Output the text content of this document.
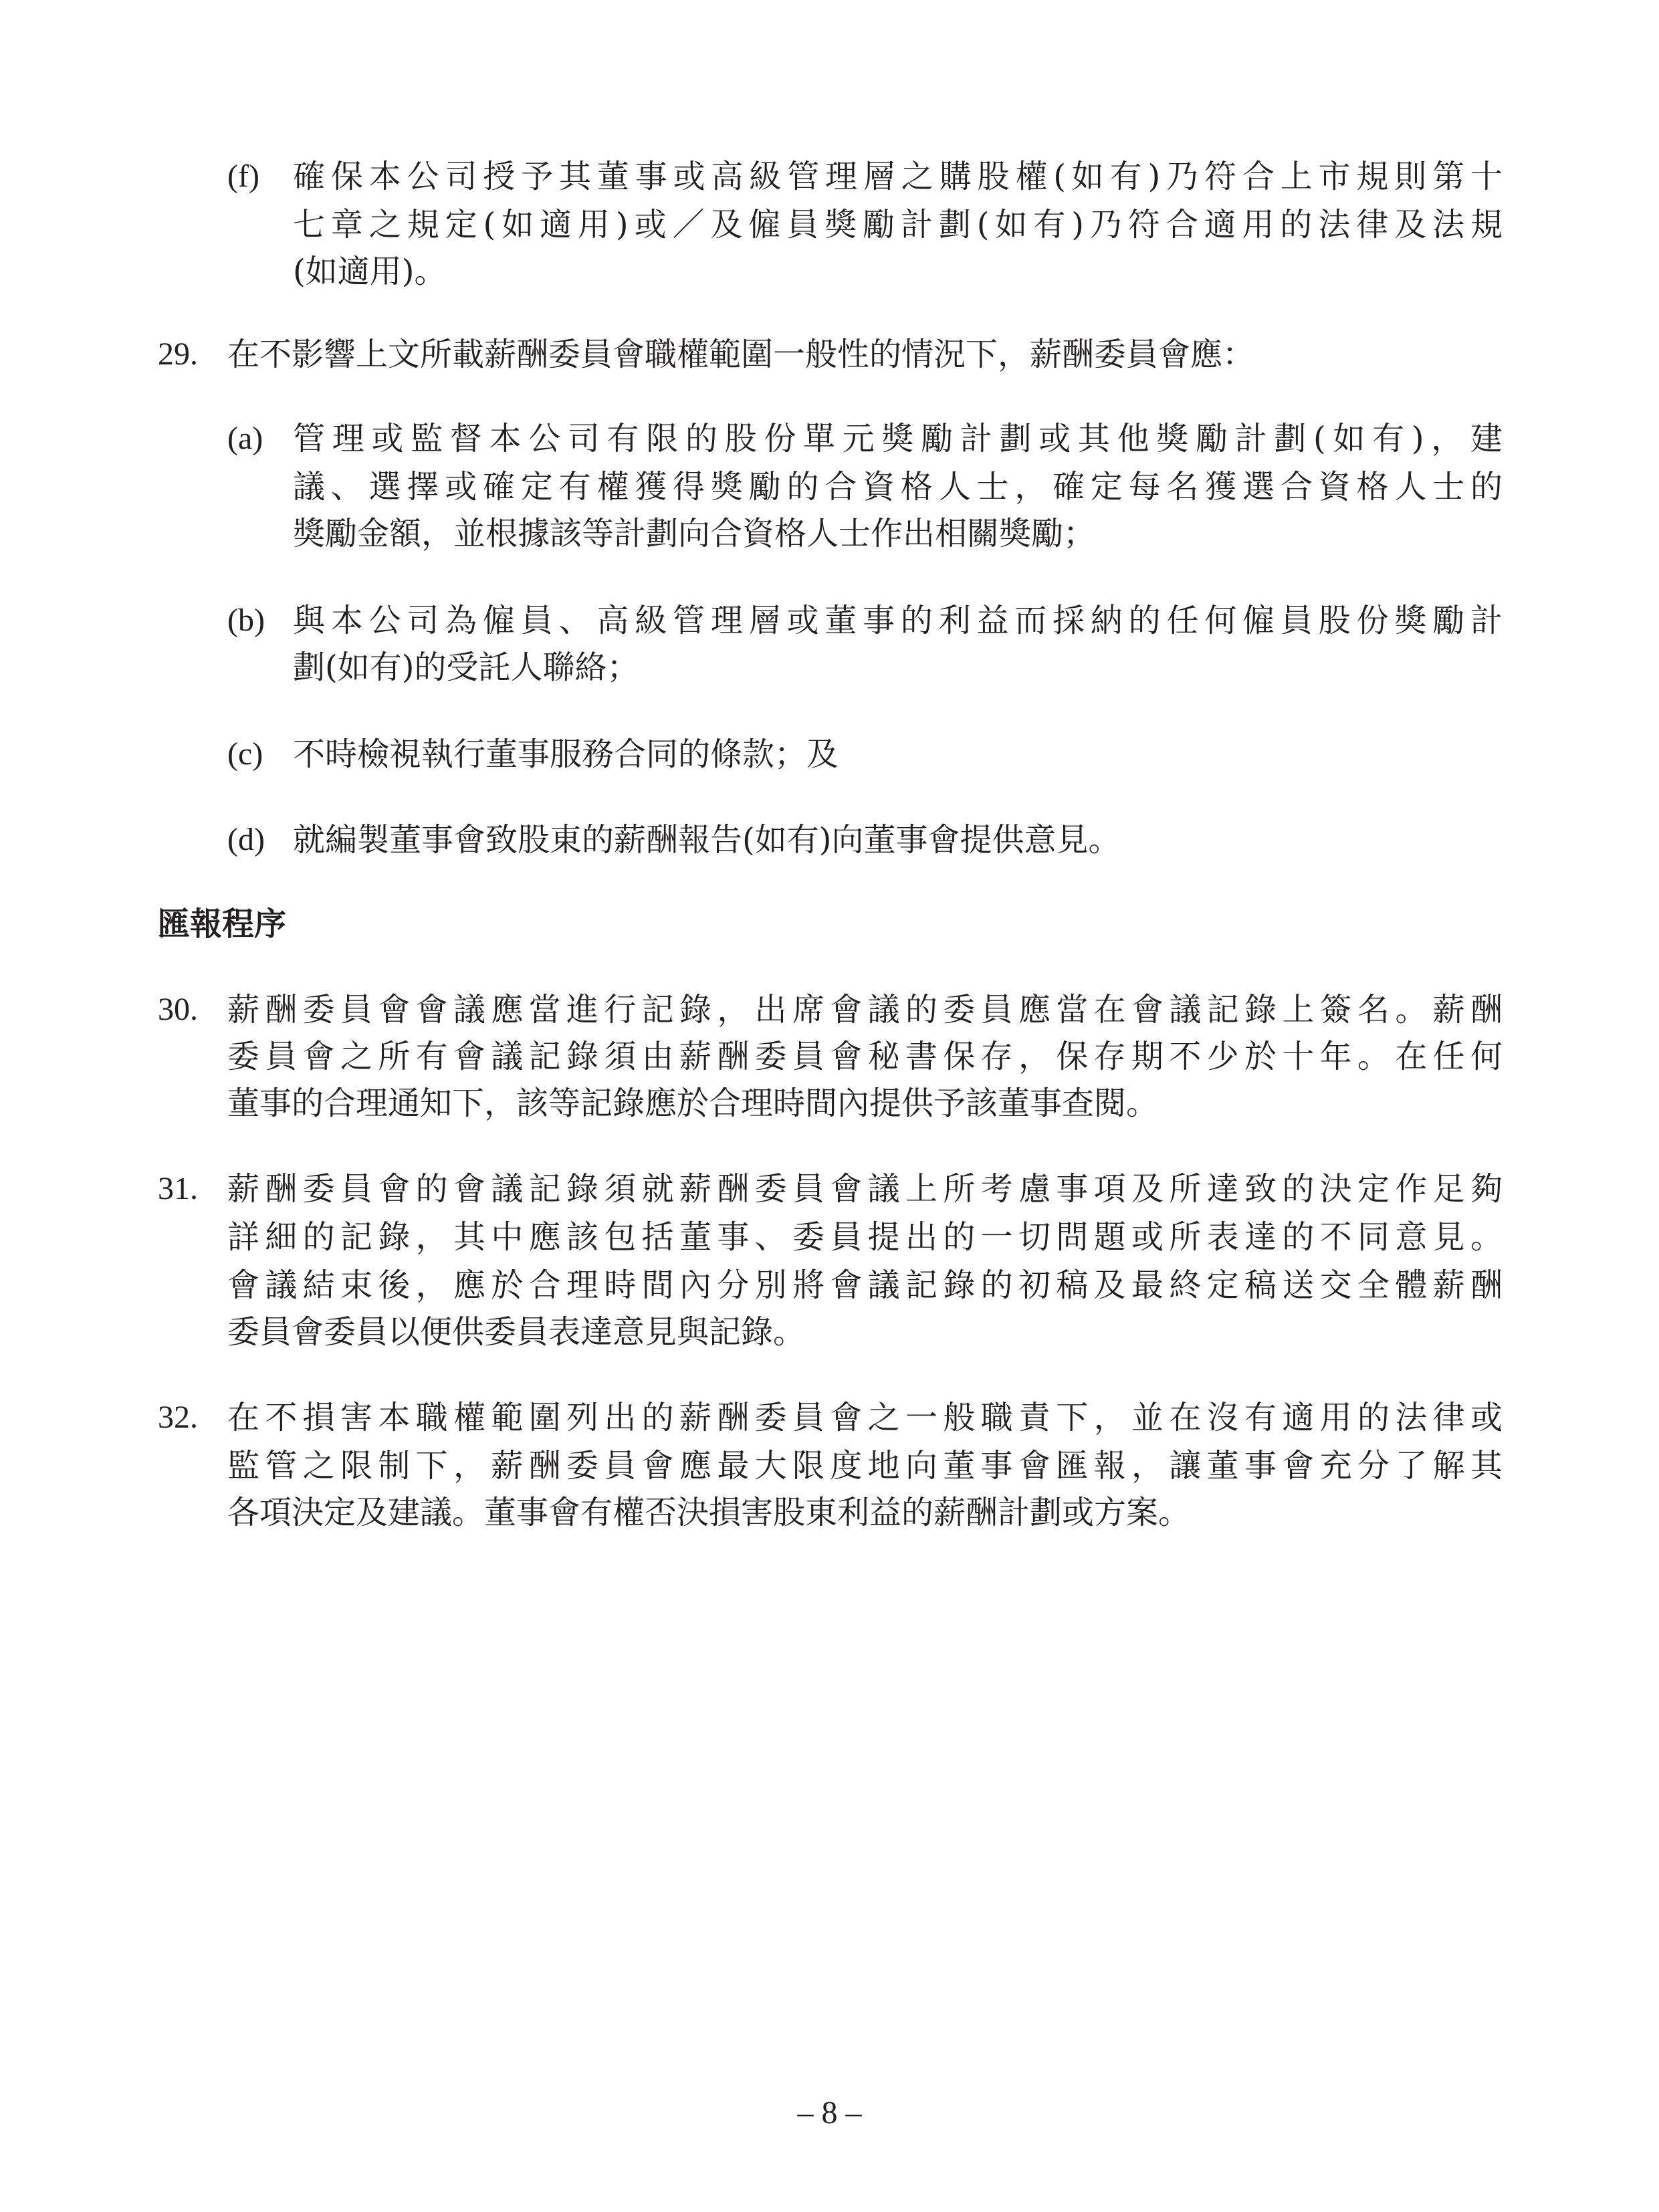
(f) 確保本公司授予其董事或高級管理層之購股權(如有)乃符合上市規則第十
七章之規定(如適用)或／及僱員獎勵計劃(如有)乃符合適用的法律及法規
(如適用)。
29. 在不影響上文所載薪酬委員會職權範圍一般性的情況下，薪酬委員會應：
(a) 管理或監督本公司有限的股份單元獎勵計劃或其他獎勵計劃(如有)，建
議、選擇或確定有權獲得獎勵的合資格人士，確定每名獲選合資格人士的
獎勵金額，並根據該等計劃向合資格人士作出相關獎勵；
(b) 與本公司為僱員、高級管理層或董事的利益而採納的任何僱員股份獎勵計
劃(如有)的受託人聯絡；
(c) 不時檢視執行董事服務合同的條款；及
(d) 就編製董事會致股東的薪酬報告(如有)向董事會提供意見。
匯報程序
30. 薪酬委員會會議應當進行記錄，出席會議的委員應當在會議記錄上簽名。薪酬
委員會之所有會議記錄須由薪酬委員會秘書保存，保存期不少於十年。在任何
董事的合理通知下，該等記錄應於合理時間內提供予該董事查閱。
31. 薪酬委員會的會議記錄須就薪酬委員會議上所考慮事項及所達致的決定作足夠
詳細的記錄，其中應該包括董事、委員提出的一切問題或所表達的不同意見。
會議結束後，應於合理時間內分別將會議記錄的初稿及最終定稿送交全體薪酬
委員會委員以便供委員表達意見與記錄。
32. 在不損害本職權範圍列出的薪酬委員會之一般職責下，並在沒有適用的法律或
監管之限制下，薪酬委員會應最大限度地向董事會匯報，讓董事會充分了解其
各項決定及建議。董事會有權否決損害股東利益的薪酬計劃或方案。
– 8 –
